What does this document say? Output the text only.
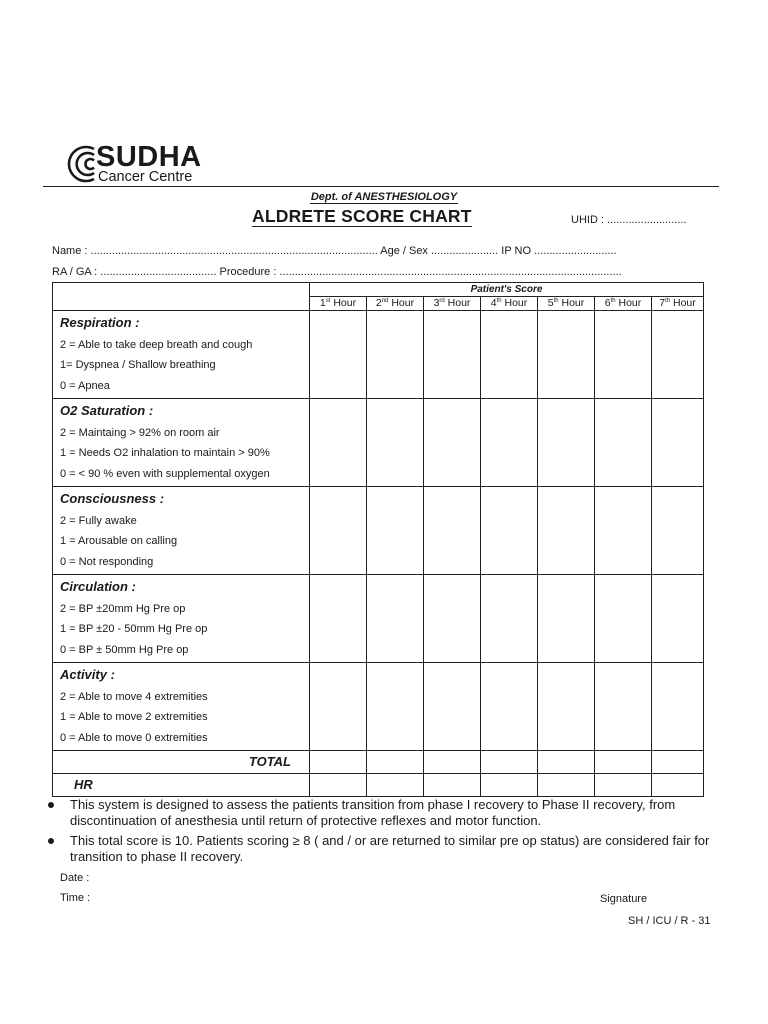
SUDHA
Cancer Centre
Dept. of ANESTHESIOLOGY
ALDRETE SCORE CHART	UHID : ..........................
Name : .............................................................................................. Age / Sex ...................... IP NO ...........................
RA / GA : ...................................... Procedure : ................................................................................................................
	Patient's Score						
	1st Hour	2nd Hour	3rd Hour	4th Hour	5th Hour	6th Hour	7th Hour

Respiration :
2 = Able to take deep breath and cough
1= Dyspnea / Shallow breathing
0 = Apnea							

O2 Saturation :
2 = Maintaing > 92% on room air
1 = Needs O2 inhalation to maintain > 90%
0 = < 90 % even with supplemental oxygen							

Consciousness :
2 = Fully awake
1 = Arousable on calling
0 = Not responding							

Circulation :
2 = BP ±20mm Hg Pre op
1 = BP ±20 - 50mm Hg Pre op
0 = BP ± 50mm Hg Pre op							

Activity :
2 = Able to move 4 extremities
1 = Able to move 2 extremities
0 = Able to move 0 extremities							

TOTAL							
HR							
This system is designed to assess the patients transition from phase I recovery to Phase II recovery, from discontinuation of anesthesia until return of protective reflexes and motor function.
This total score is 10. Patients scoring ≥ 8 ( and / or are returned to similar pre op status) are considered fair for transition to phase II recovery.
Date :
Time :	Signature
SH / ICU / R - 31
